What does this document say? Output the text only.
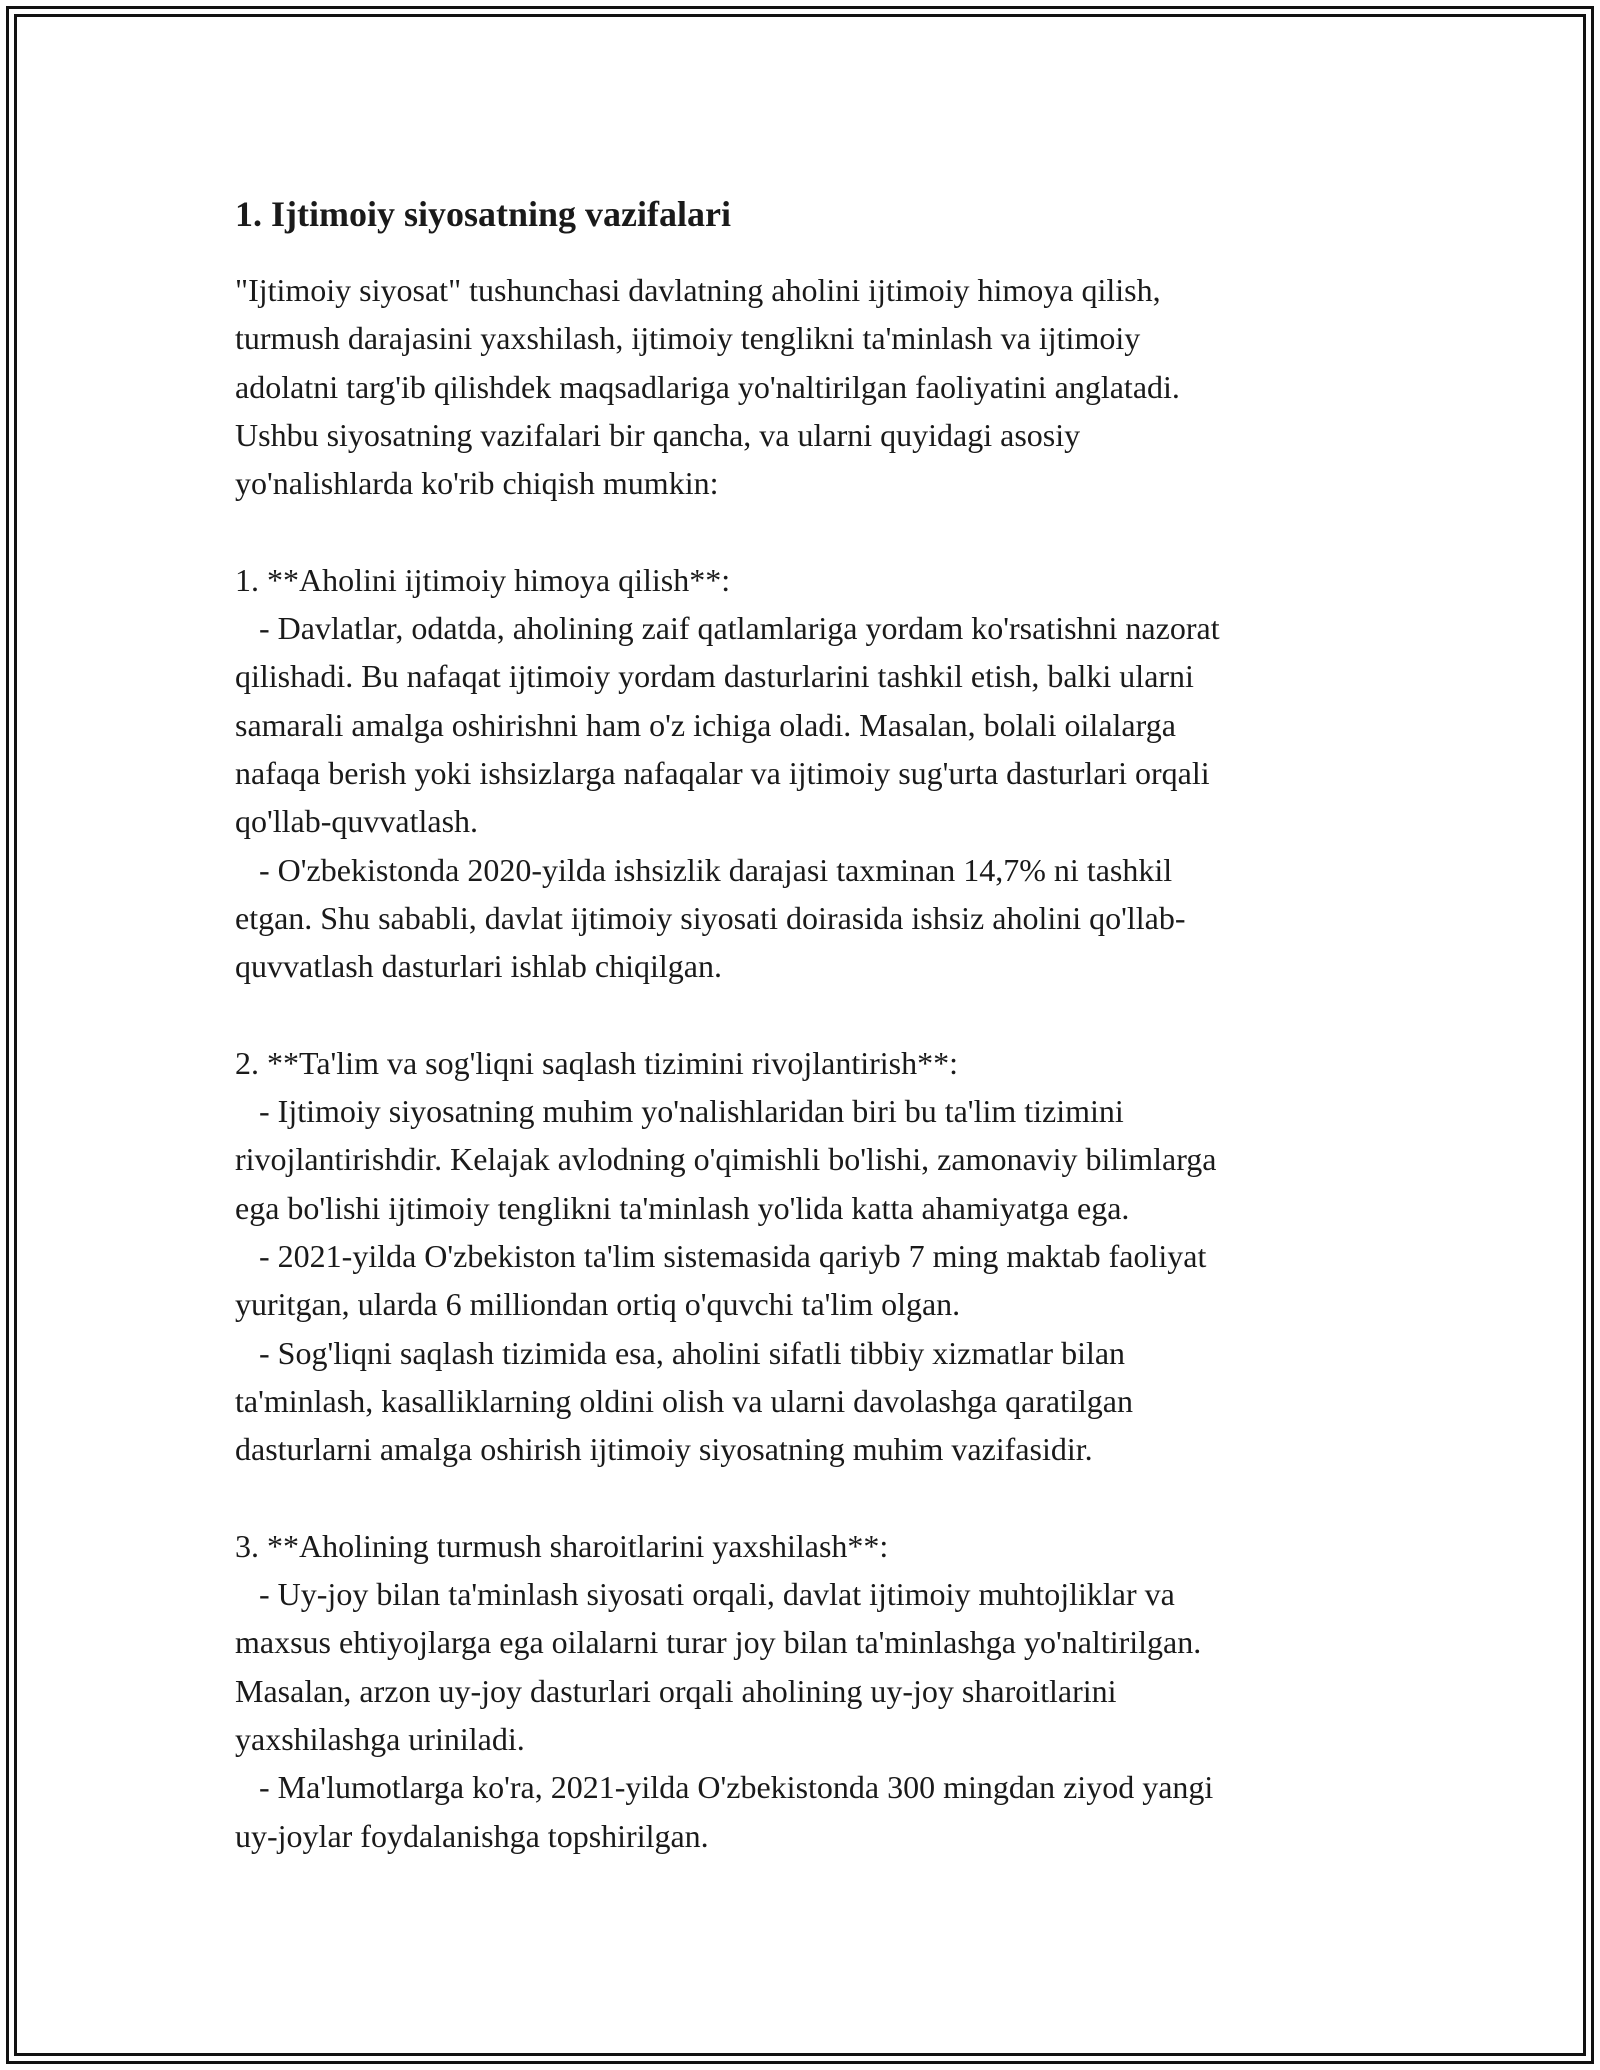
1. Ijtimoiy siyosatning vazifalari

"Ijtimoiy siyosat" tushunchasi davlatning aholini ijtimoiy himoya qilish,
turmush darajasini yaxshilash, ijtimoiy tenglikni ta'minlash va ijtimoiy
adolatni targ'ib qilishdek maqsadlariga yo'naltirilgan faoliyatini anglatadi.
Ushbu siyosatning vazifalari bir qancha, va ularni quyidagi asosiy
yo'nalishlarda ko'rib chiqish mumkin:

1. **Aholini ijtimoiy himoya qilish**:

- Davlatlar, odatda, aholining zaif qatlamlariga yordam ko'rsatishni nazorat
qilishadi. Bu nafaqat ijtimoiy yordam dasturlarini tashkil etish, balki ularni
samarali amalga oshirishni ham o'z ichiga oladi. Masalan, bolali oilalarga
nafaqa berish yoki ishsizlarga nafaqalar va ijtimoiy sug'urta dasturlari orqali
qo'llab-quvvatlash.

- O'zbekistonda 2020-yilda ishsizlik darajasi taxminan 14,7% ni tashkil
etgan. Shu sababli, davlat ijtimoiy siyosati doirasida ishsiz aholini qo'llab-
quvvatlash dasturlari ishlab chiqilgan.

2. **Ta'lim va sog'liqni saqlash tizimini rivojlantirish**:

- Ijtimoiy siyosatning muhim yo'nalishlaridan biri bu ta'lim tizimini
rivojlantirishdir. Kelajak avlodning o'qimishli bo'lishi, zamonaviy bilimlarga
ega bo'lishi ijtimoiy tenglikni ta'minlash yo'lida katta ahamiyatga ega.

- 2021-yilda O'zbekiston ta'lim sistemasida qariyb 7 ming maktab faoliyat
yuritgan, ularda 6 milliondan ortiq o'quvchi ta'lim olgan.

- Sog'liqni saqlash tizimida esa, aholini sifatli tibbiy xizmatlar bilan
ta'minlash, kasalliklarning oldini olish va ularni davolashga qaratilgan
dasturlarni amalga oshirish ijtimoiy siyosatning muhim vazifasidir.

3. **Aholining turmush sharoitlarini yaxshilash**:

- Uy-joy bilan ta'minlash siyosati orqali, davlat ijtimoiy muhtojliklar va
maxsus ehtiyojlarga ega oilalarni turar joy bilan ta'minlashga yo'naltirilgan.
Masalan, arzon uy-joy dasturlari orqali aholining uy-joy sharoitlarini
yaxshilashga uriniladi.

- Ma'lumotlarga ko'ra, 2021-yilda O'zbekistonda 300 mingdan ziyod yangi
uy-joylar foydalanishga topshirilgan.
